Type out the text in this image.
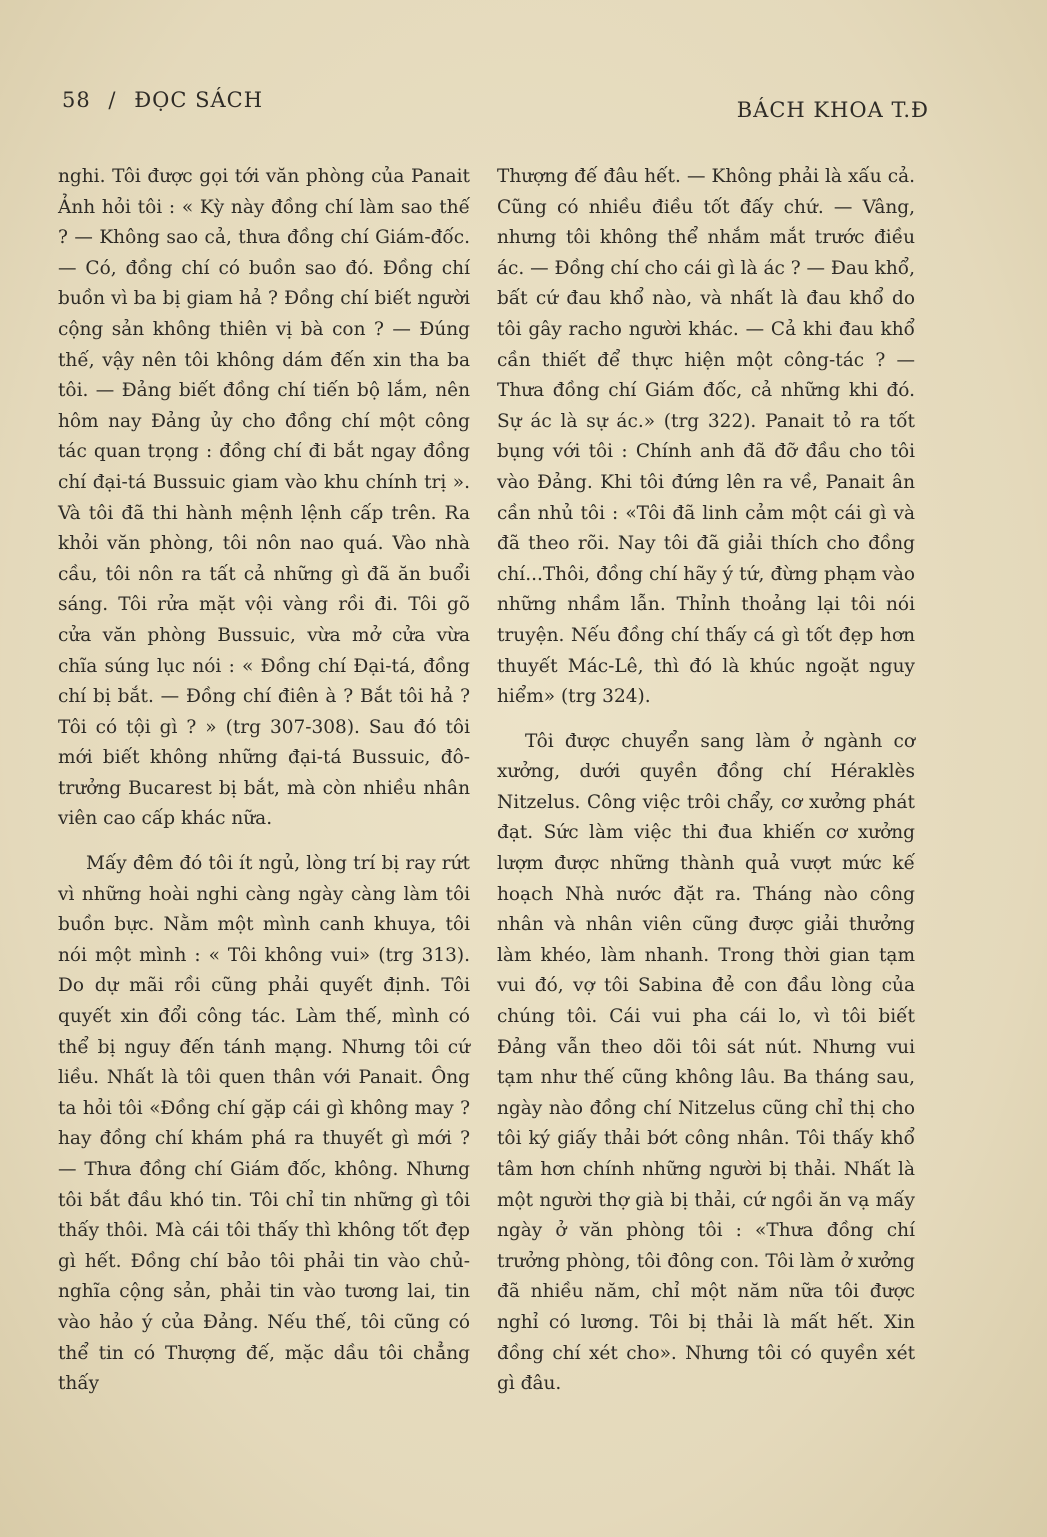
58 / ĐỌC SÁCH	BÁCH KHOA T.Đ

nghi. Tôi được gọi tới văn phòng của Panait Ảnh hỏi tôi : « Kỳ này đồng chí làm sao thế ? — Không sao cả, thưa đồng chí Giám-đốc. — Có, đồng chí có buồn sao đó. Đồng chí buồn vì ba bị giam hả ? Đồng chí biết người cộng sản không thiên vị bà con ? — Đúng thế, vậy nên tôi không dám đến xin tha ba tôi. — Đảng biết đồng chí tiến bộ lắm, nên hôm nay Đảng ủy cho đồng chí một công tác quan trọng : đồng chí đi bắt ngay đồng chí đại-tá Bussuic giam vào khu chính trị ». Và tôi đã thi hành mệnh lệnh cấp trên. Ra khỏi văn phòng, tôi nôn nao quá. Vào nhà cầu, tôi nôn ra tất cả những gì đã ăn buổi sáng. Tôi rửa mặt vội vàng rồi đi. Tôi gõ cửa văn phòng Bussuic, vừa mở cửa vừa chĩa súng lục nói : « Đồng chí Đại-tá, đồng chí bị bắt. — Đồng chí điên à ? Bắt tôi hả ? Tôi có tội gì ? » (trg 307-308). Sau đó tôi mới biết không những đại-tá Bussuic, đô-trưởng Bucarest bị bắt, mà còn nhiều nhân viên cao cấp khác nữa.

Mấy đêm đó tôi ít ngủ, lòng trí bị ray rứt vì những hoài nghi càng ngày càng làm tôi buồn bực. Nằm một mình canh khuya, tôi nói một mình : « Tôi không vui» (trg 313). Do dự mãi rồi cũng phải quyết định. Tôi quyết xin đổi công tác. Làm thế, mình có thể bị nguy đến tánh mạng. Nhưng tôi cứ liều. Nhất là tôi quen thân với Panait. Ông ta hỏi tôi «Đồng chí gặp cái gì không may ? hay đồng chí khám phá ra thuyết gì mới ? — Thưa đồng chí Giám đốc, không. Nhưng tôi bắt đầu khó tin. Tôi chỉ tin những gì tôi thấy thôi. Mà cái tôi thấy thì không tốt đẹp gì hết. Đồng chí bảo tôi phải tin vào chủ-nghĩa cộng sản, phải tin vào tương lai, tin vào hảo ý của Đảng. Nếu thế, tôi cũng có thể tin có Thượng đế, mặc dầu tôi chẳng thấy

Thượng đế đâu hết. — Không phải là xấu cả. Cũng có nhiều điều tốt đấy chứ. — Vâng, nhưng tôi không thể nhắm mắt trước điều ác. — Đồng chí cho cái gì là ác ? — Đau khổ, bất cứ đau khổ nào, và nhất là đau khổ do tôi gây racho người khác. — Cả khi đau khổ cần thiết để thực hiện một công-tác ? — Thưa đồng chí Giám đốc, cả những khi đó. Sự ác là sự ác.» (trg 322). Panait tỏ ra tốt bụng với tôi : Chính anh đã đỡ đầu cho tôi vào Đảng. Khi tôi đứng lên ra về, Panait ân cần nhủ tôi : «Tôi đã linh cảm một cái gì và đã theo rõi. Nay tôi đã giải thích cho đồng chí...Thôi, đồng chí hãy ý tứ, đừng phạm vào những nhầm lẫn. Thỉnh thoảng lại tôi nói truyện. Nếu đồng chí thấy cá gì tốt đẹp hơn thuyết Mác-Lê, thì đó là khúc ngoặt nguy hiểm» (trg 324).

Tôi được chuyển sang làm ở ngành cơ xưởng, dưới quyền đồng chí Héraklès Nitzelus. Công việc trôi chẩy, cơ xưởng phát đạt. Sức làm việc thi đua khiến cơ xưởng lượm được những thành quả vượt mức kế hoạch Nhà nước đặt ra. Tháng nào công nhân và nhân viên cũng được giải thưởng làm khéo, làm nhanh. Trong thời gian tạm vui đó, vợ tôi Sabina đẻ con đầu lòng của chúng tôi. Cái vui pha cái lo, vì tôi biết Đảng vẫn theo dõi tôi sát nút. Nhưng vui tạm như thế cũng không lâu. Ba tháng sau, ngày nào đồng chí Nitzelus cũng chỉ thị cho tôi ký giấy thải bớt công nhân. Tôi thấy khổ tâm hơn chính những người bị thải. Nhất là một người thợ già bị thải, cứ ngồi ăn vạ mấy ngày ở văn phòng tôi : «Thưa đồng chí trưởng phòng, tôi đông con. Tôi làm ở xưởng đã nhiều năm, chỉ một năm nữa tôi được nghỉ có lương. Tôi bị thải là mất hết. Xin đồng chí xét cho». Nhưng tôi có quyền xét gì đâu.
